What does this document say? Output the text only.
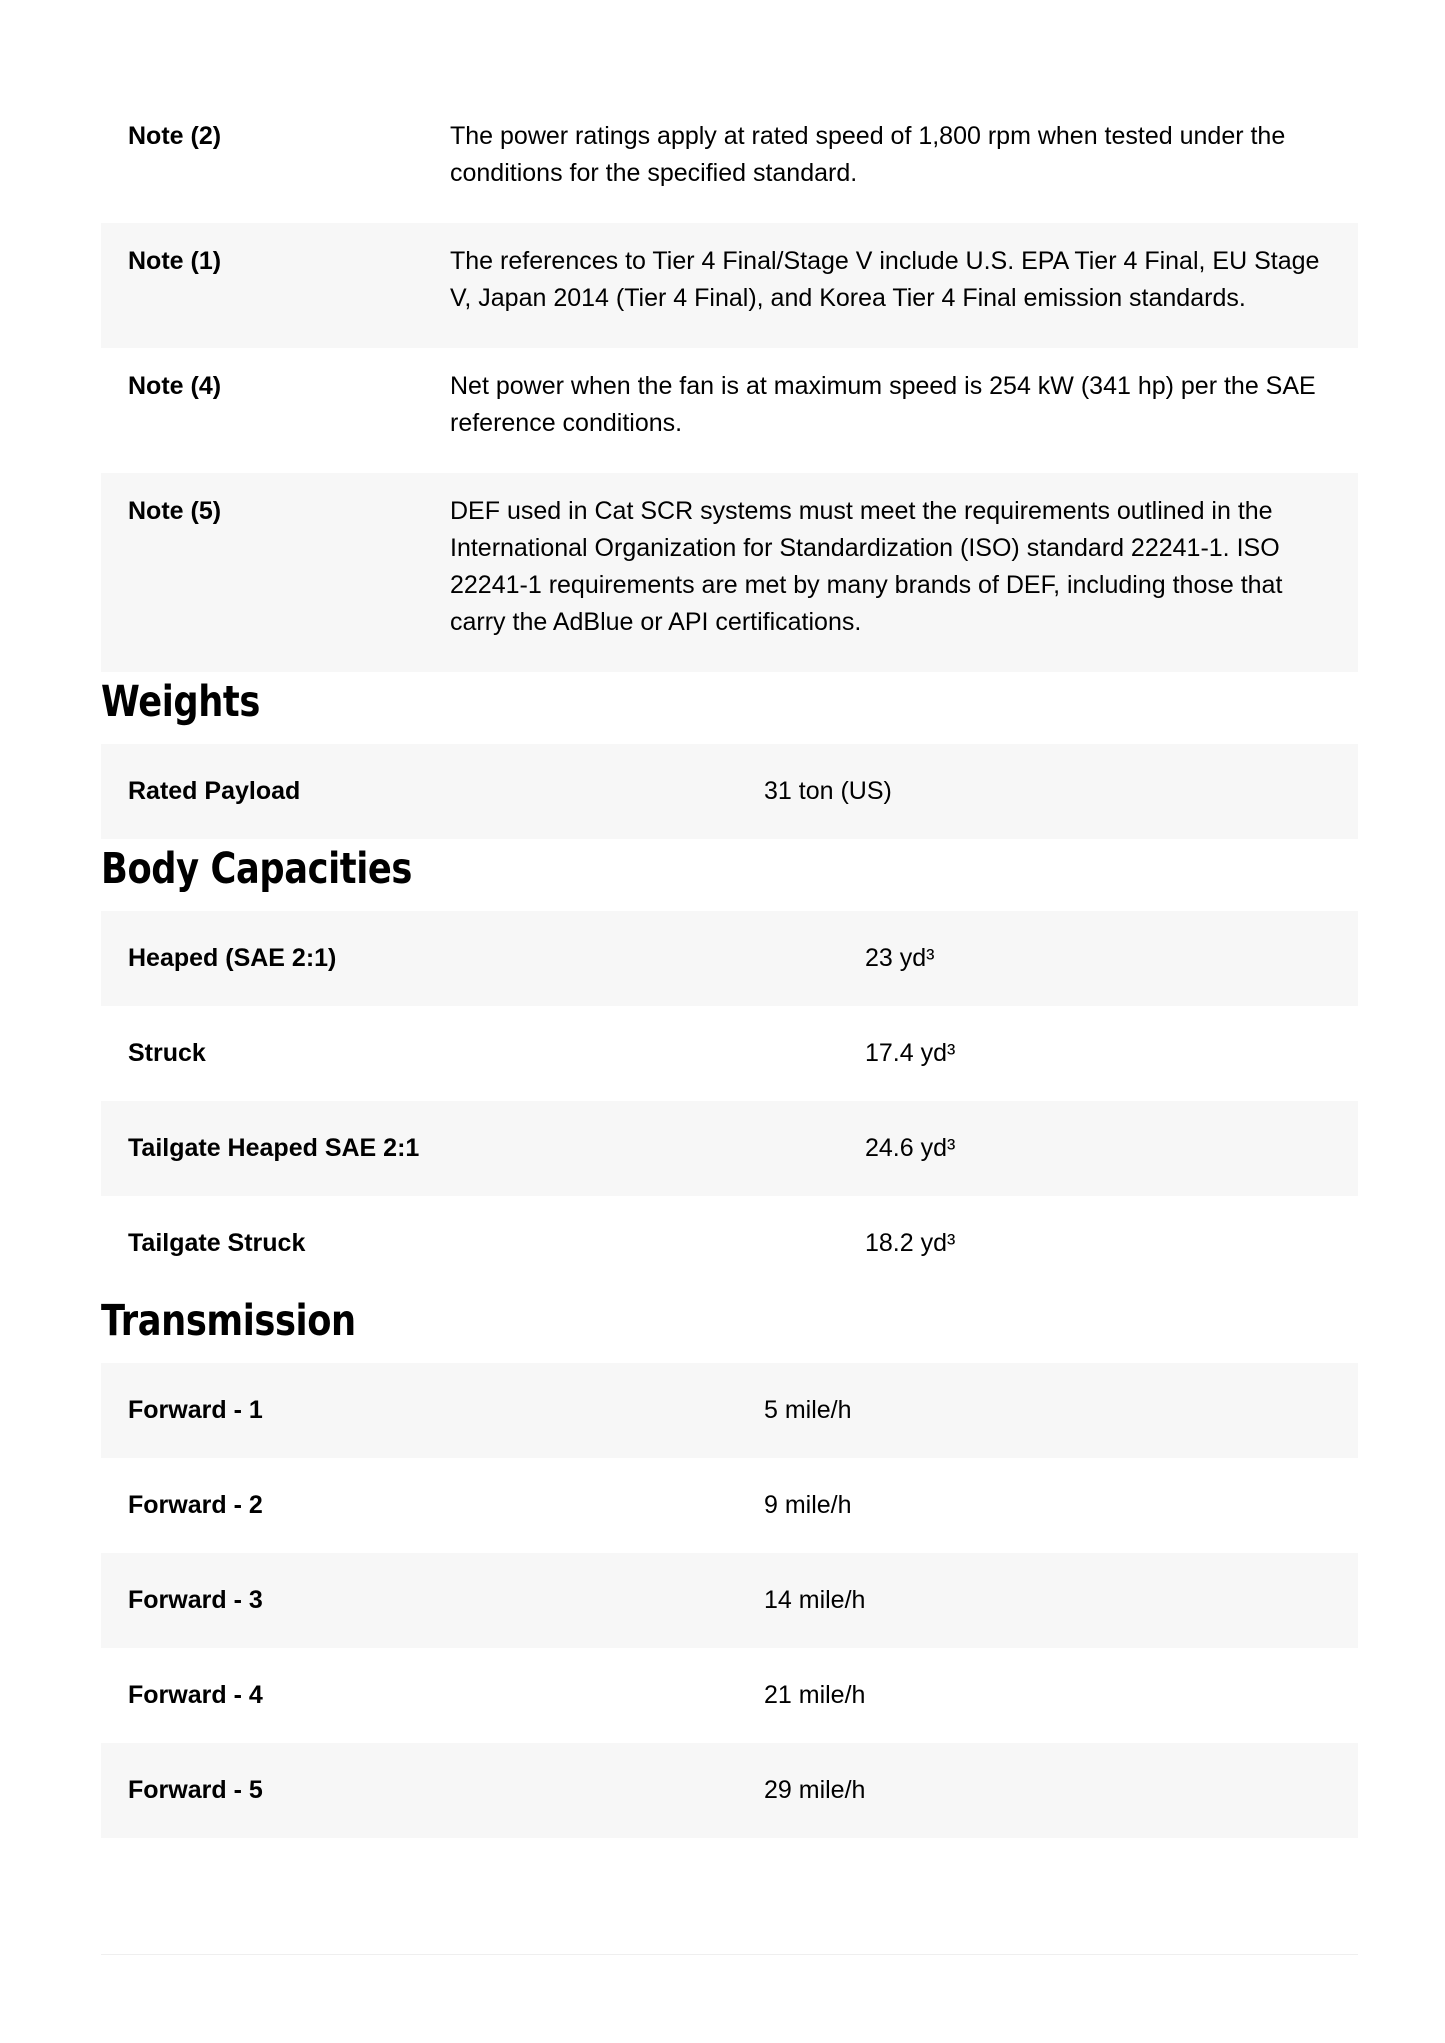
Note (2)	The power ratings apply at rated speed of 1,800 rpm when tested under the conditions for the specified standard.
Note (1)	The references to Tier 4 Final/Stage V include U.S. EPA Tier 4 Final, EU Stage V, Japan 2014 (Tier 4 Final), and Korea Tier 4 Final emission standards.
Note (4)	Net power when the fan is at maximum speed is 254 kW (341 hp) per the SAE reference conditions.
Note (5)	DEF used in Cat SCR systems must meet the requirements outlined in the International Organization for Standardization (ISO) standard 22241-1. ISO 22241-1 requirements are met by many brands of DEF, including those that carry the AdBlue or API certifications.
Weights
Rated Payload	31 ton (US)
Body Capacities
Heaped (SAE 2:1)	23 yd³
Struck	17.4 yd³
Tailgate Heaped SAE 2:1	24.6 yd³
Tailgate Struck	18.2 yd³
Transmission
Forward - 1	5 mile/h
Forward - 2	9 mile/h
Forward - 3	14 mile/h
Forward - 4	21 mile/h
Forward - 5	29 mile/h
